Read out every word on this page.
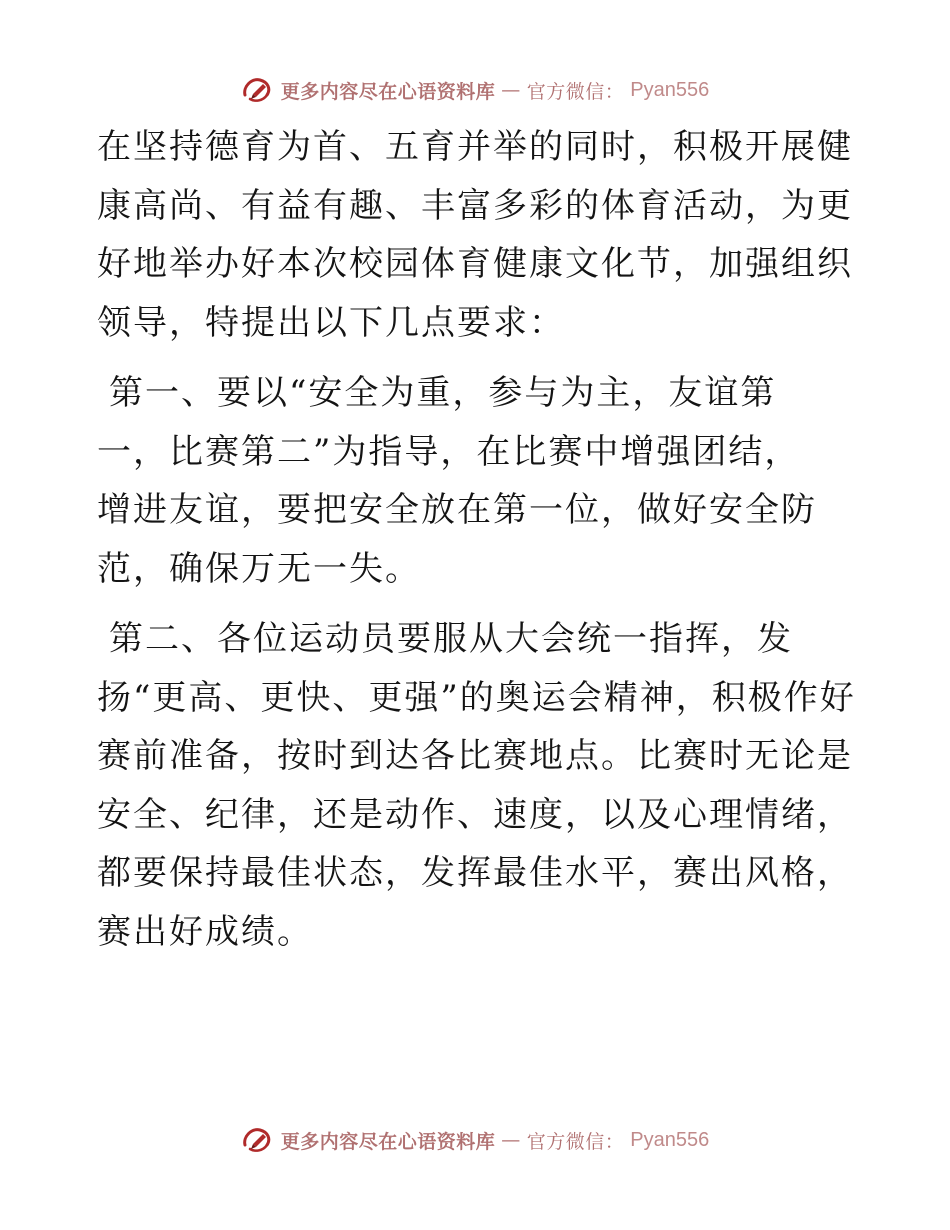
更多内容尽在心语资料库 — 官方微信： Pyan556

在坚持德育为首、五育并举的同时，积极开展健康高尚、有益有趣、丰富多彩的体育活动，为更好地举办好本次校园体育健康文化节，加强组织领导，特提出以下几点要求：

第一、要以“安全为重，参与为主，友谊第一，比赛第二”为指导，在比赛中增强团结，增进友谊，要把安全放在第一位，做好安全防范，确保万无一失。

第二、各位运动员要服从大会统一指挥，发扬“更高、更快、更强”的奥运会精神，积极作好赛前准备，按时到达各比赛地点。比赛时无论是安全、纪律，还是动作、速度，以及心理情绪，都要保持最佳状态，发挥最佳水平，赛出风格，赛出好成绩。

更多内容尽在心语资料库 — 官方微信： Pyan556
